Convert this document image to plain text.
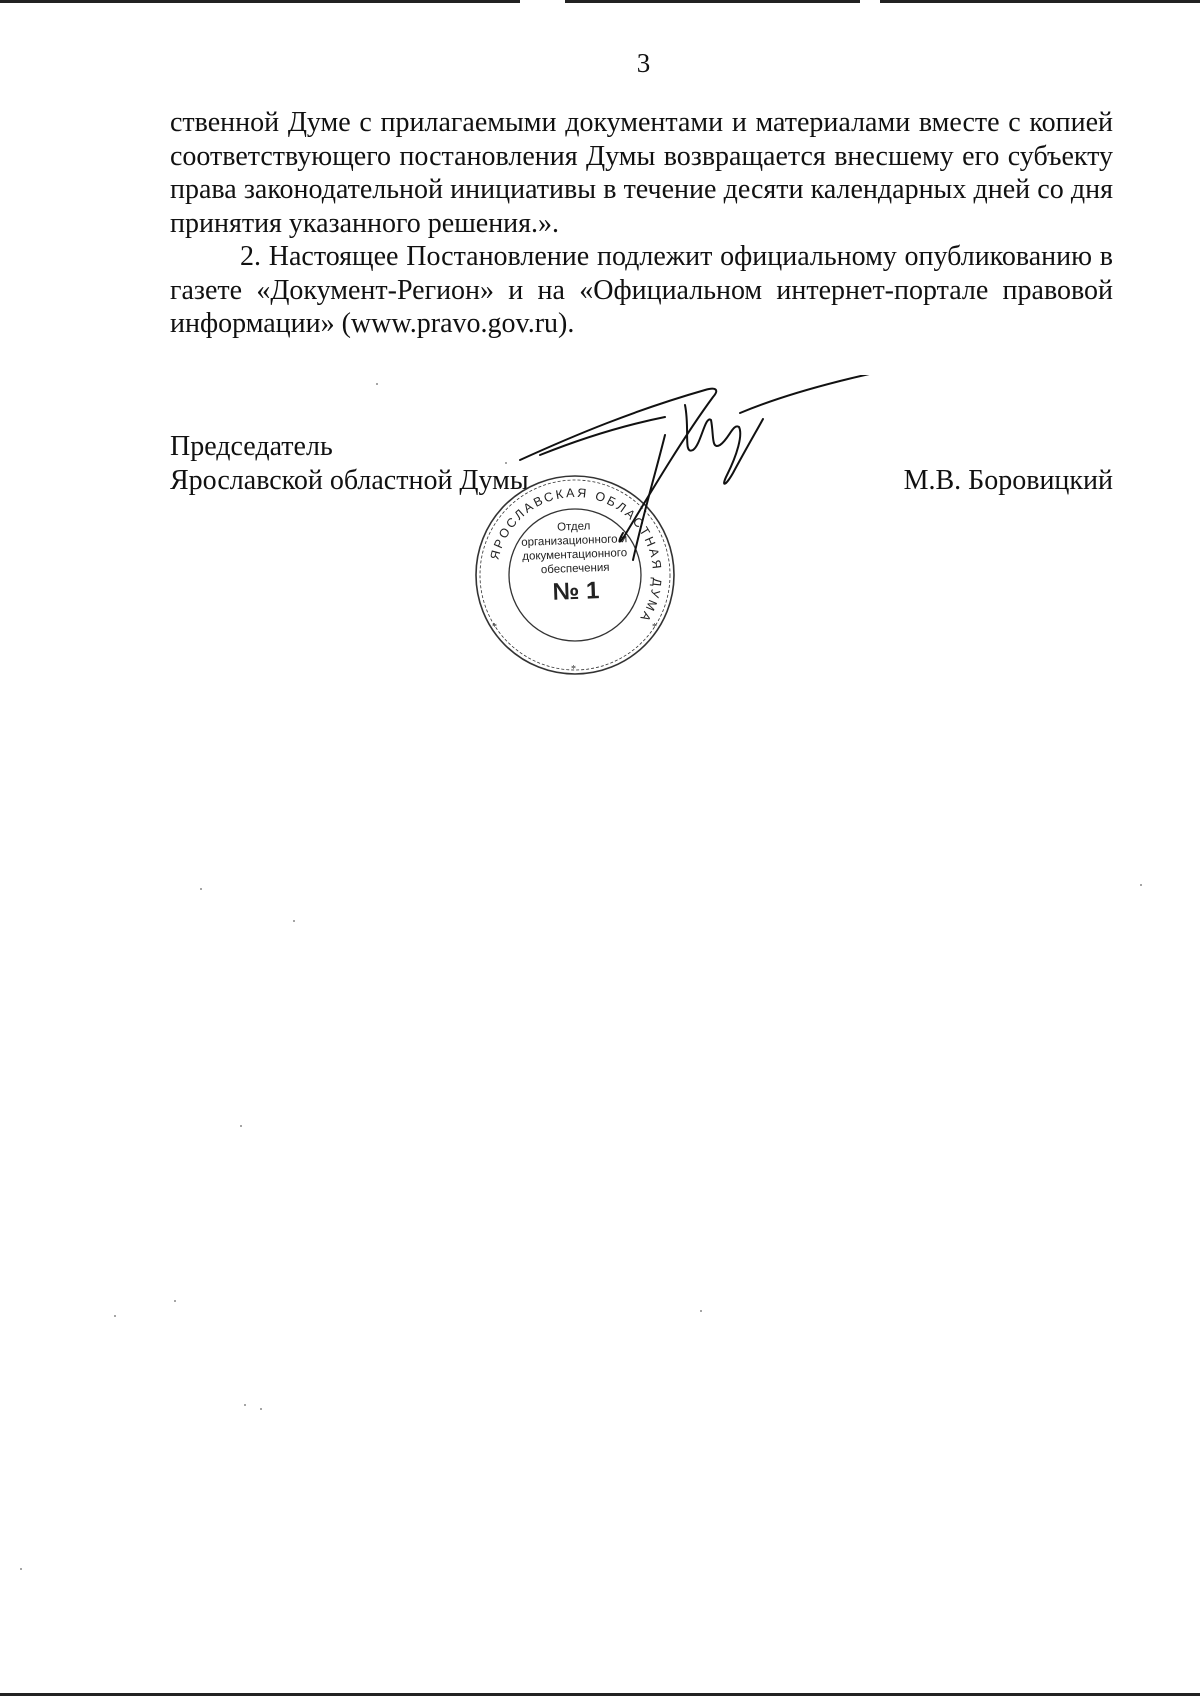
3

ственной Думе с прилагаемыми документами и материалами вместе с копией соответствующего постановления Думы возвращается внесшему его субъекту права законодательной инициативы в течение десяти календарных дней со дня принятия указанного решения.».

2. Настоящее Постановление подлежит официальному опубликованию в газете «Документ-Регион» и на «Официальном интернет-портале правовой информации» (www.pravo.gov.ru).

Председатель
Ярославской областной Думы	М.В. Боровицкий
ЯРОСЛАВСКАЯ ОБЛАСТНАЯ ДУМА
*	*
*
Отдел
организационного и
документационного
обеспечения
№ 1
